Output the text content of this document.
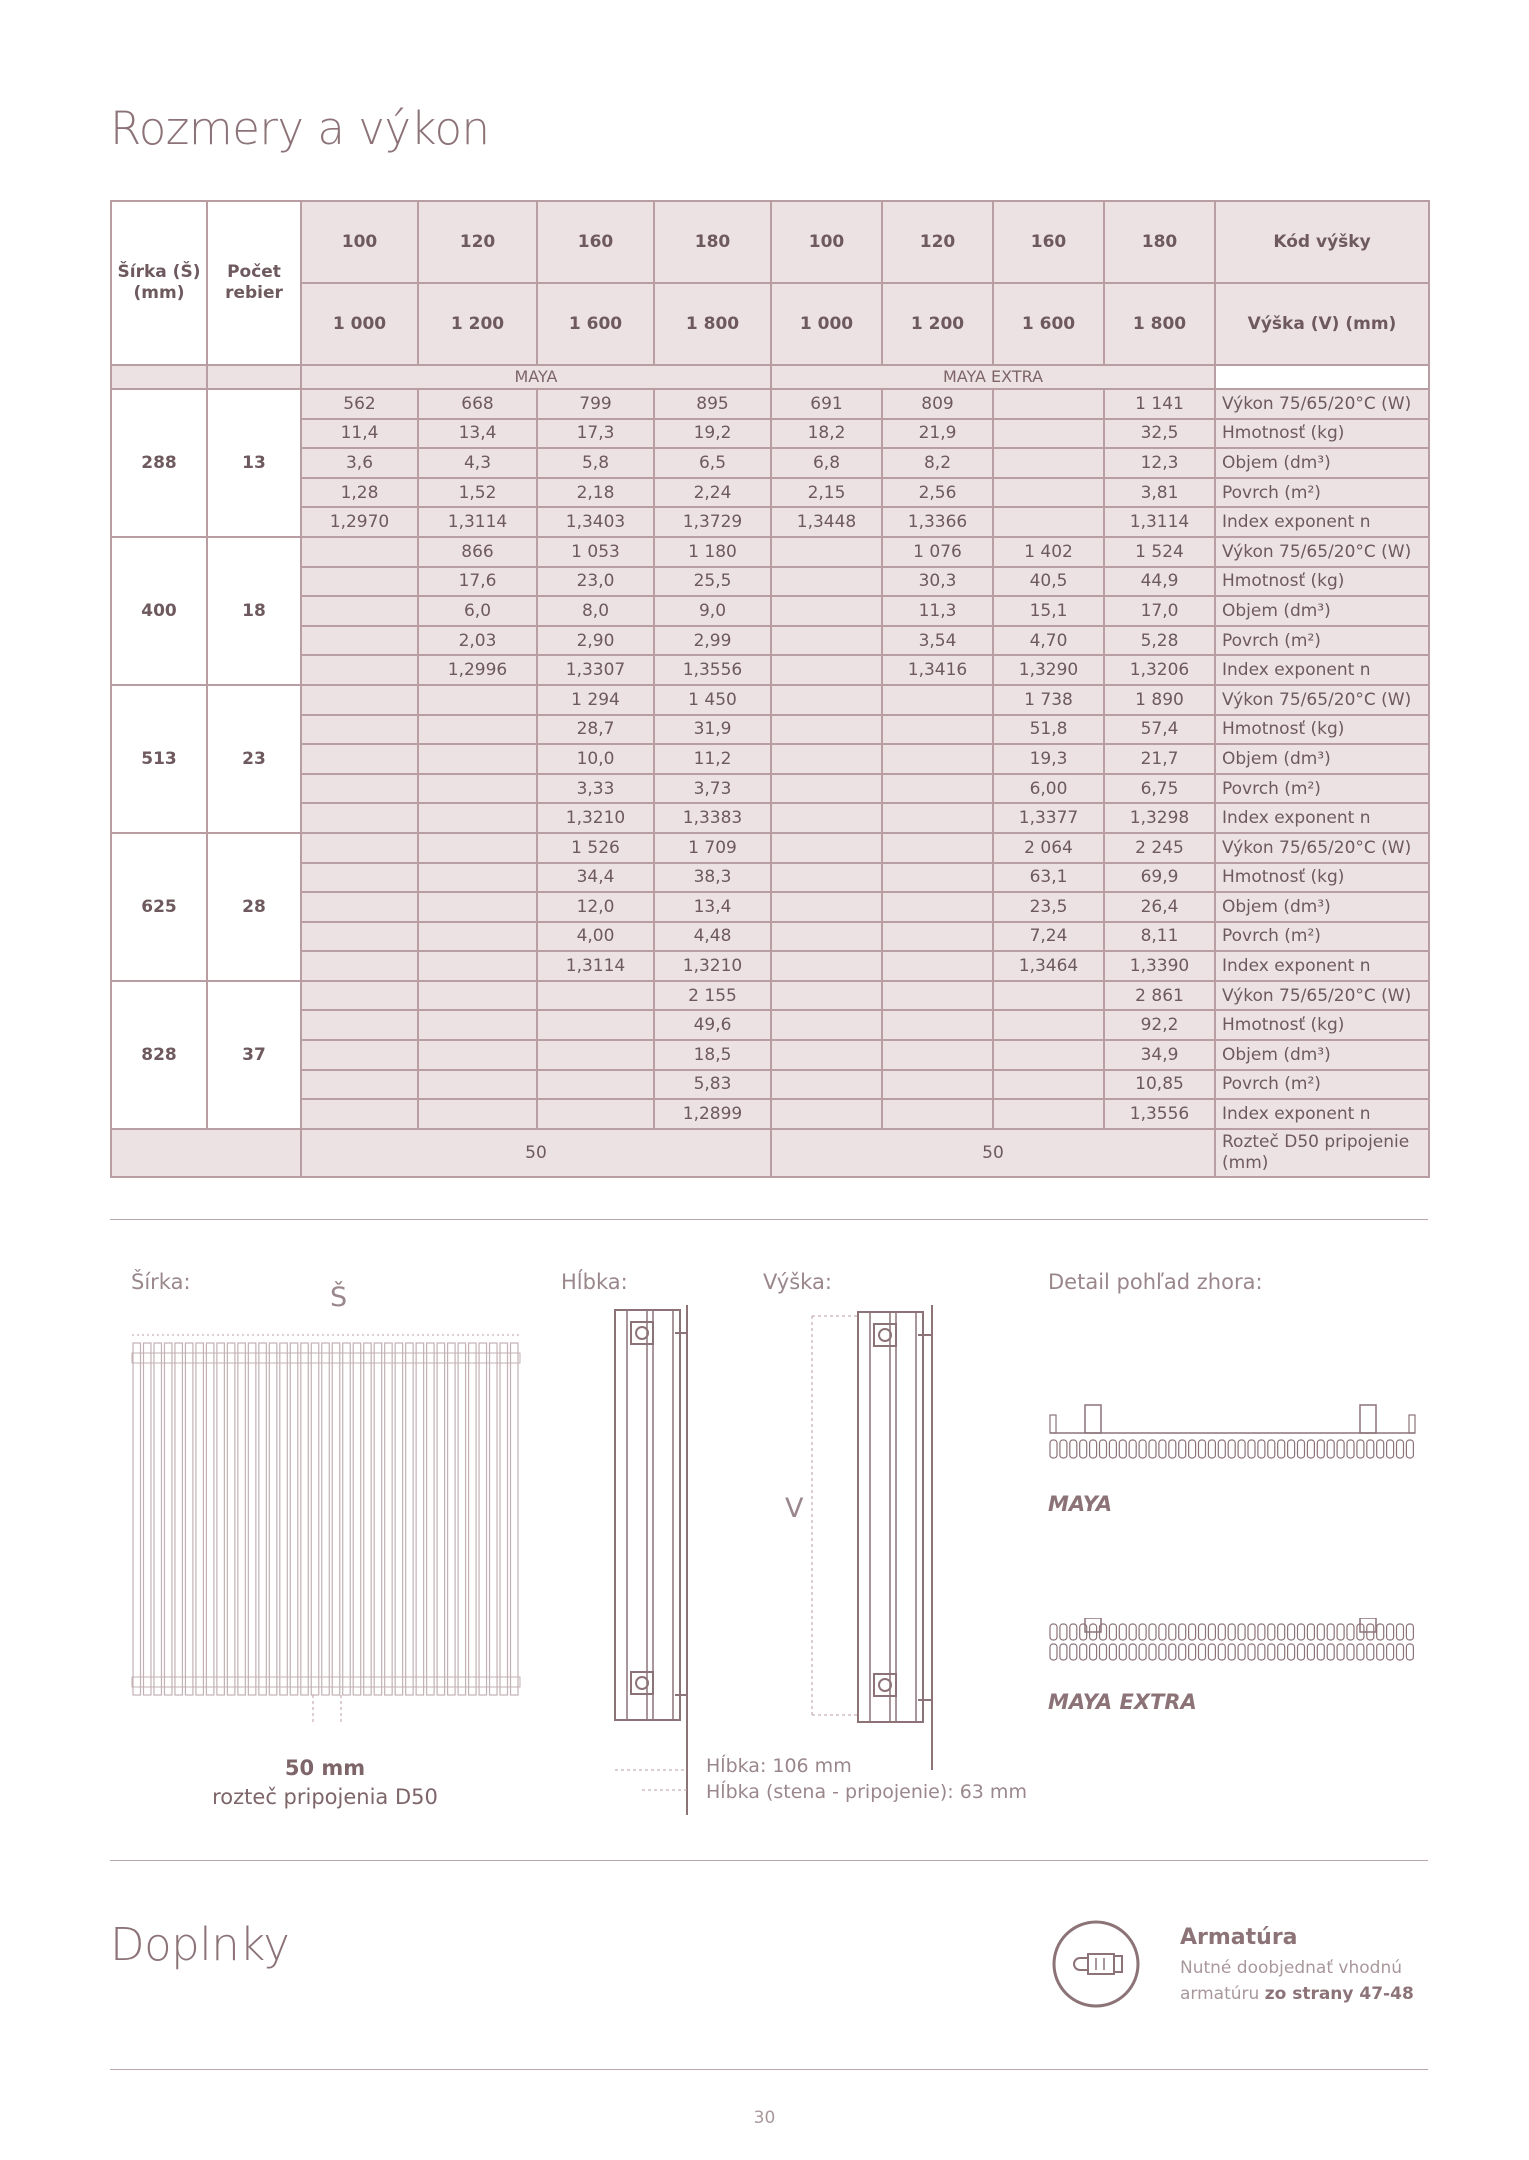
Rozmery a výkon
Šírka (Š) (mm)	Počet rebier	100	120	160	180	100	120	160	180	Kód výšky
		1 000	1 200	1 600	1 800	1 000	1 200	1 600	1 800	Výška (V) (mm)
		MAYA				MAYA EXTRA				
288	13	562	668	799	895	691	809		1 141	Výkon 75/65/20°C (W)
		11,4	13,4	17,3	19,2	18,2	21,9		32,5	Hmotnosť (kg)
		3,6	4,3	5,8	6,5	6,8	8,2		12,3	Objem (dm³)
		1,28	1,52	2,18	2,24	2,15	2,56		3,81	Povrch (m²)
		1,2970	1,3114	1,3403	1,3729	1,3448	1,3366		1,3114	Index exponent n
400	18		866	1 053	1 180		1 076	1 402	1 524	Výkon 75/65/20°C (W)
			17,6	23,0	25,5		30,3	40,5	44,9	Hmotnosť (kg)
			6,0	8,0	9,0		11,3	15,1	17,0	Objem (dm³)
			2,03	2,90	2,99		3,54	4,70	5,28	Povrch (m²)
			1,2996	1,3307	1,3556		1,3416	1,3290	1,3206	Index exponent n
513	23			1 294	1 450			1 738	1 890	Výkon 75/65/20°C (W)
				28,7	31,9			51,8	57,4	Hmotnosť (kg)
				10,0	11,2			19,3	21,7	Objem (dm³)
				3,33	3,73			6,00	6,75	Povrch (m²)
				1,3210	1,3383			1,3377	1,3298	Index exponent n
625	28			1 526	1 709			2 064	2 245	Výkon 75/65/20°C (W)
				34,4	38,3			63,1	69,9	Hmotnosť (kg)
				12,0	13,4			23,5	26,4	Objem (dm³)
				4,00	4,48			7,24	8,11	Povrch (m²)
				1,3114	1,3210			1,3464	1,3390	Index exponent n
828	37				2 155				2 861	Výkon 75/65/20°C (W)
					49,6				92,2	Hmotnosť (kg)
					18,5				34,9	Objem (dm³)
					5,83				10,85	Povrch (m²)
					1,2899				1,3556	Index exponent n
		50				50				Rozteč D50 pripojenie (mm)
Šírka:	Š	Hĺbka:	Výška:
V
Detail pohľad zhora:
50 mm
rozteč pripojenia D50
Hĺbka: 106 mm
Hĺbka (stena - pripojenie): 63 mm
MAYA
MAYA EXTRA
Doplnky	Armatúra
Nutné doobjednať vhodnú
armatúru zo strany 47-48
30
